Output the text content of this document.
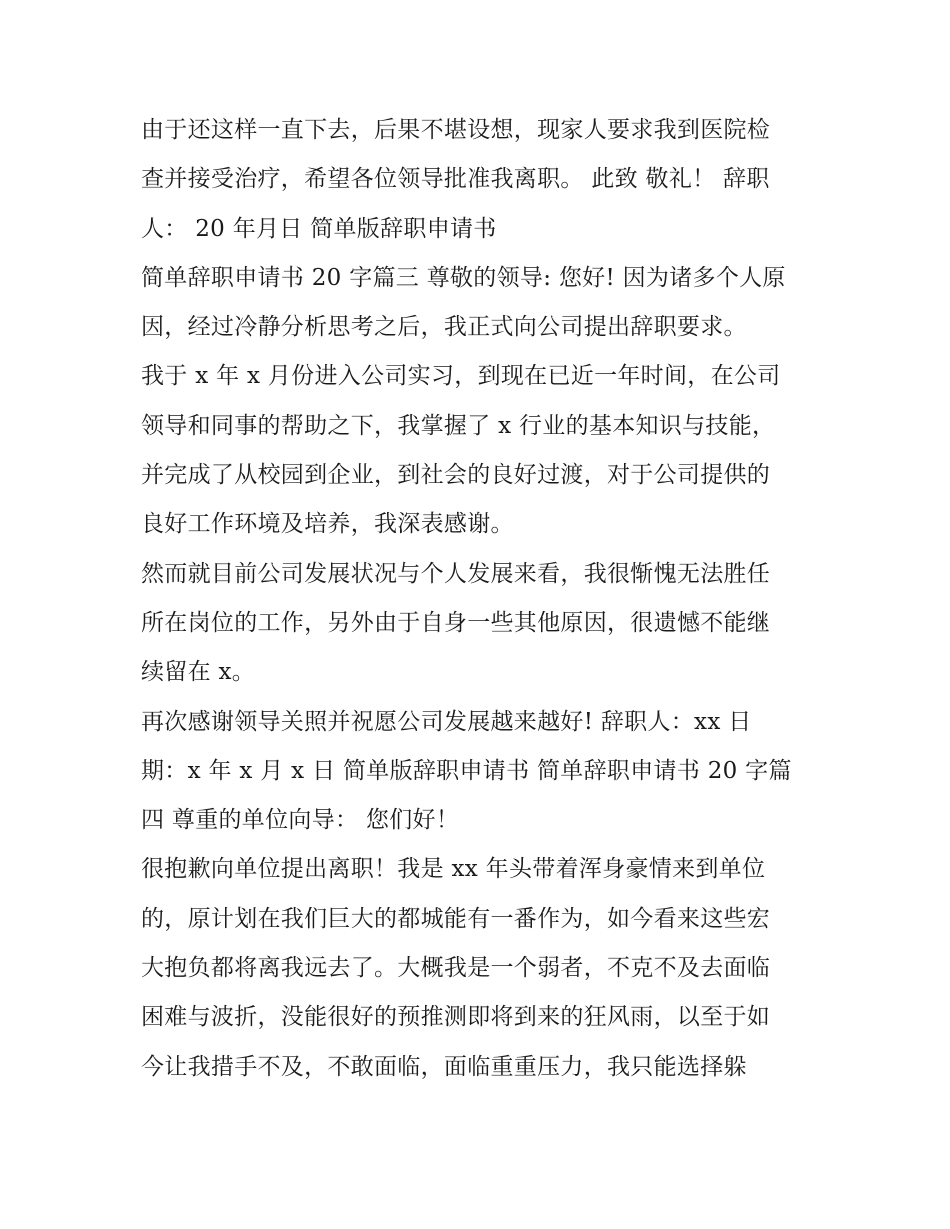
由于还这样一直下去，后果不堪设想，现家人要求我到医院检
查并接受治疗，希望各位领导批准我离职。 此致 敬礼！ 辞职
人： 20 年月日 简单版辞职申请书
简单辞职申请书 20 字篇三 尊敬的领导: 您好! 因为诸多个人原
因，经过冷静分析思考之后，我正式向公司提出辞职要求。
我于 x 年 x 月份进入公司实习，到现在已近一年时间，在公司
领导和同事的帮助之下，我掌握了 x 行业的基本知识与技能，
并完成了从校园到企业，到社会的良好过渡，对于公司提供的
良好工作环境及培养，我深表感谢。
然而就目前公司发展状况与个人发展来看，我很惭愧无法胜任
所在岗位的工作，另外由于自身一些其他原因，很遗憾不能继
续留在 x。
再次感谢领导关照并祝愿公司发展越来越好! 辞职人：xx 日
期：x 年 x 月 x 日 简单版辞职申请书 简单辞职申请书 20 字篇
四 尊重的单位向导： 您们好！
很抱歉向单位提出离职！我是 xx 年头带着浑身豪情来到单位
的，原计划在我们巨大的都城能有一番作为，如今看来这些宏
大抱负都将离我远去了。大概我是一个弱者，不克不及去面临
困难与波折，没能很好的预推测即将到来的狂风雨，以至于如
今让我措手不及，不敢面临，面临重重压力，我只能选择躲
